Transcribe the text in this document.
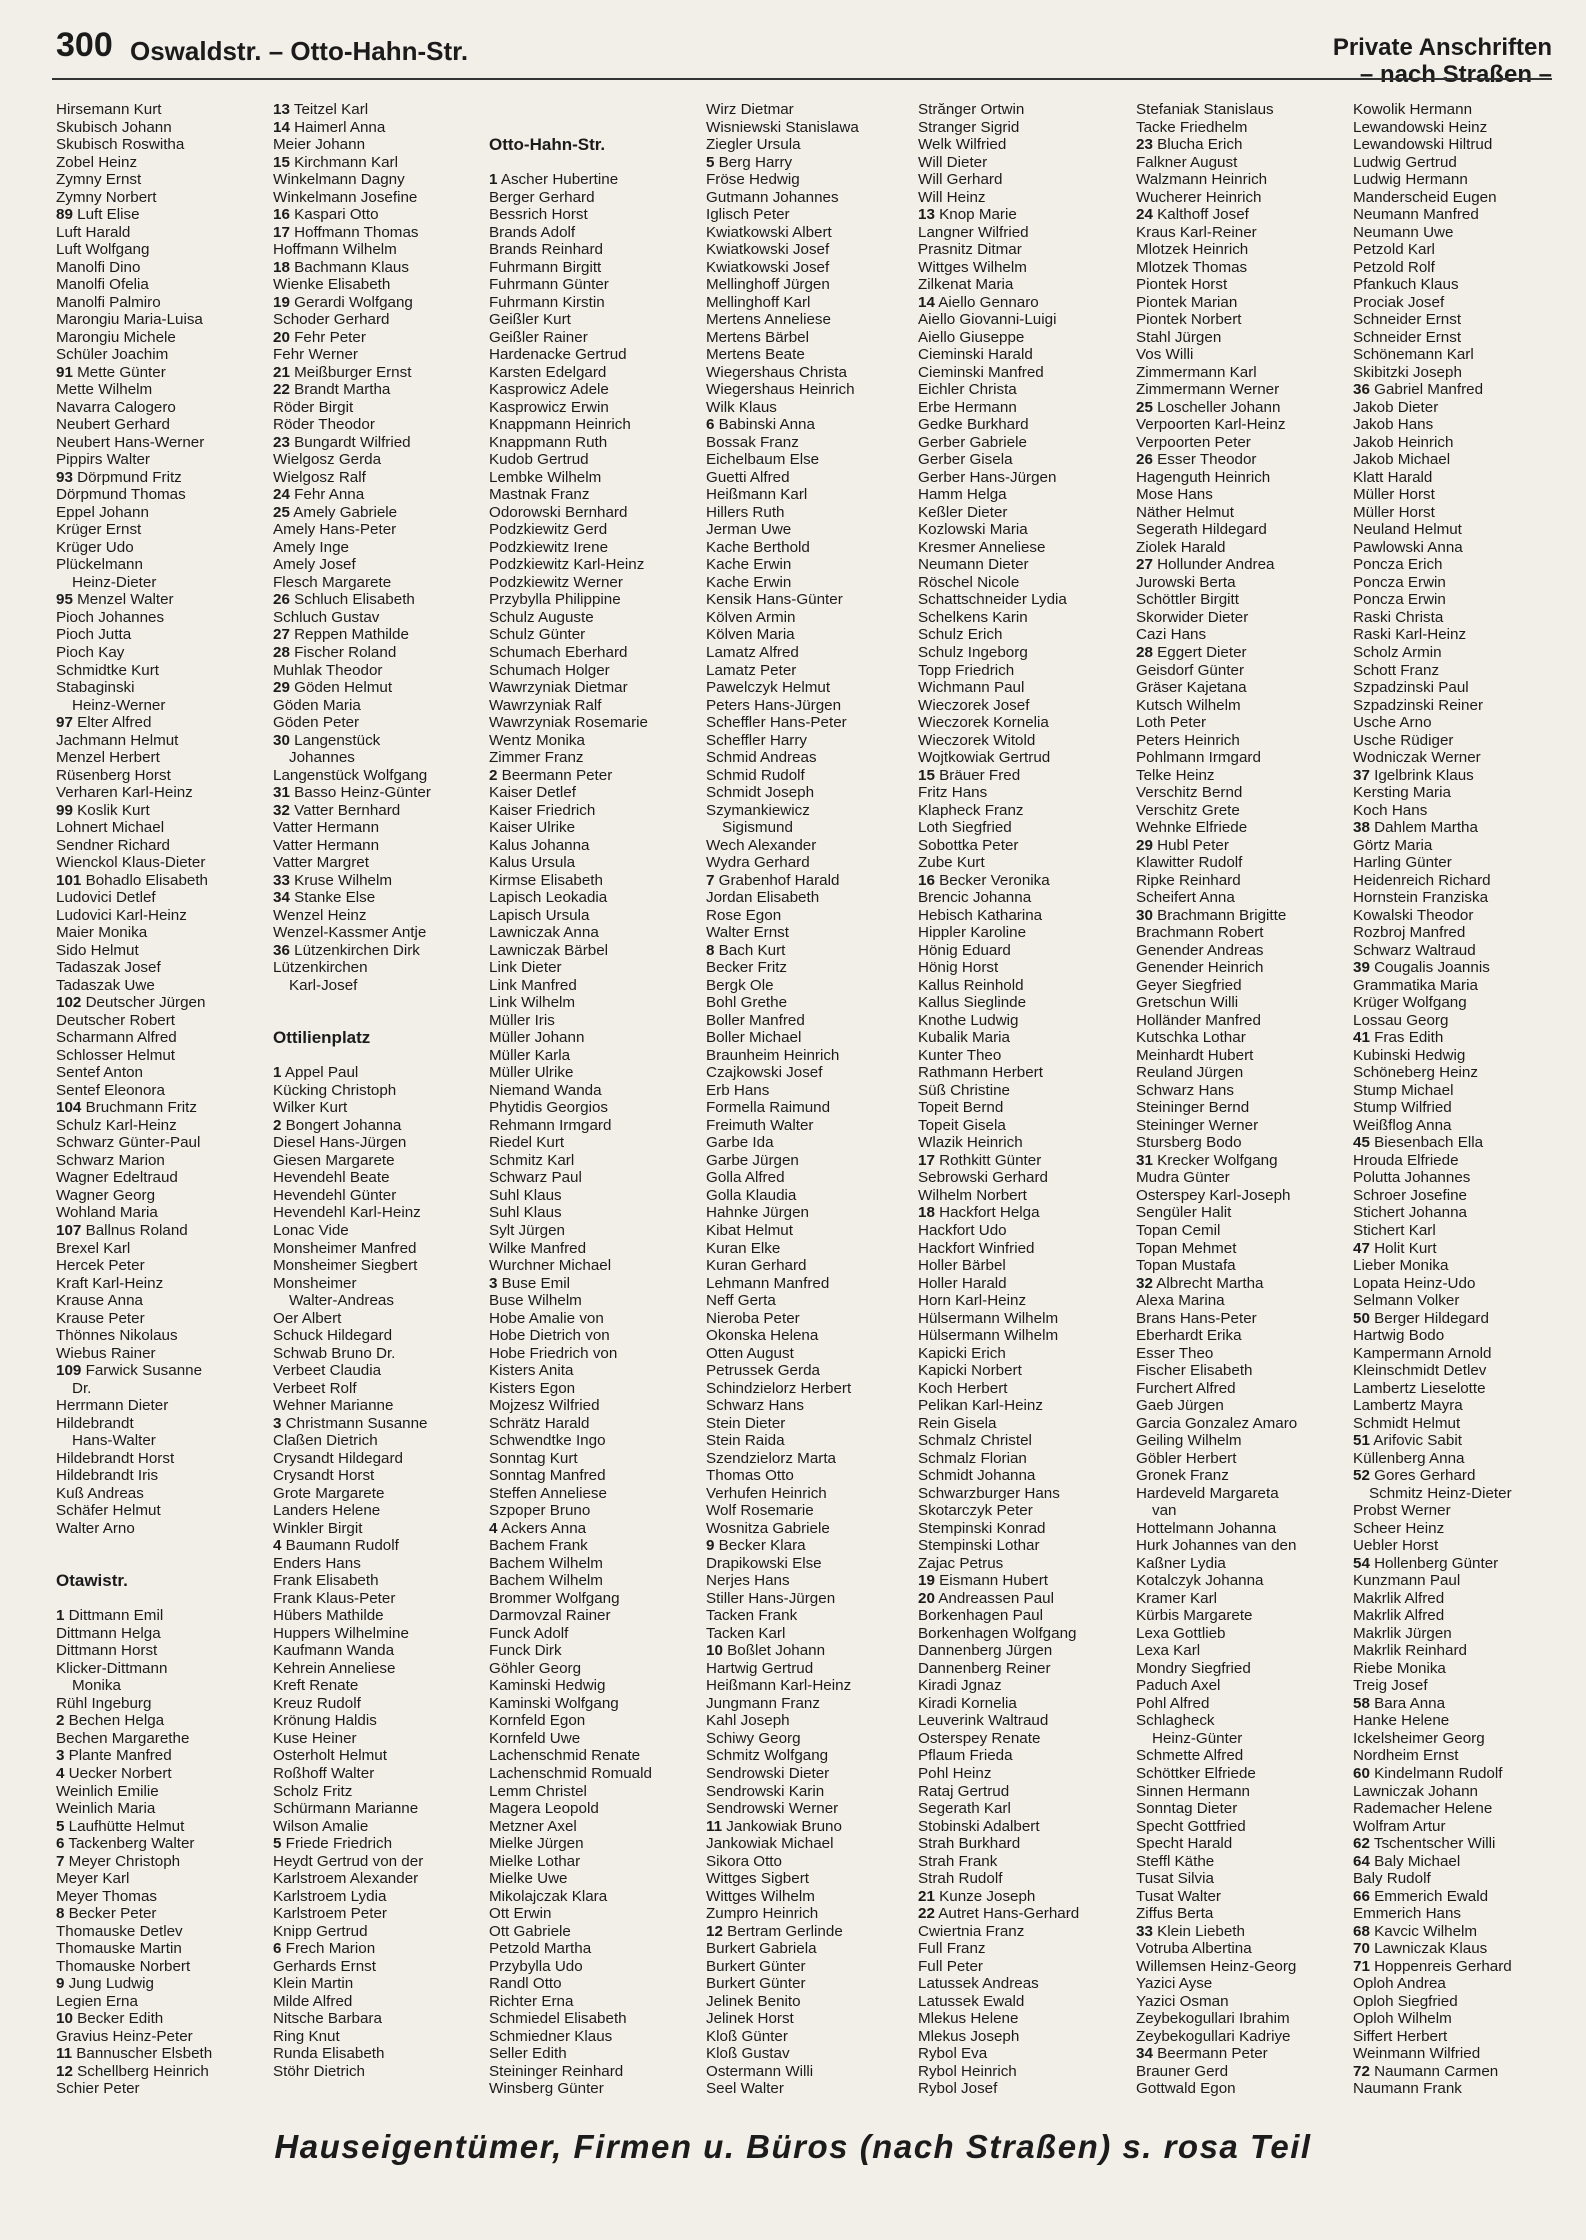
300 Oswaldstr. – Otto-Hahn-Str.	Private Anschriften
– nach Straßen –
Hirsemann Kurt
Skubisch Johann
Skubisch Roswitha
Zobel Heinz
Zymny Ernst
Zymny Norbert
89 Luft Elise
Luft Harald
Luft Wolfgang
Manolfi Dino
Manolfi Ofelia
Manolfi Palmiro
Marongiu Maria-Luisa
Marongiu Michele
Schüler Joachim
91 Mette Günter
Mette Wilhelm
Navarra Calogero
Neubert Gerhard
Neubert Hans-Werner
Pippirs Walter
93 Dörpmund Fritz
Dörpmund Thomas
Eppel Johann
Krüger Ernst
Krüger Udo
Plückelmann
Heinz-Dieter
95 Menzel Walter
Pioch Johannes
Pioch Jutta
Pioch Kay
Schmidtke Kurt
Stabaginski
Heinz-Werner
97 Elter Alfred
Jachmann Helmut
Menzel Herbert
Rüsenberg Horst
Verharen Karl-Heinz
99 Koslik Kurt
Lohnert Michael
Sendner Richard
Wienckol Klaus-Dieter
101 Bohadlo Elisabeth
Ludovici Detlef
Ludovici Karl-Heinz
Maier Monika
Sido Helmut
Tadaszak Josef
Tadaszak Uwe
102 Deutscher Jürgen
Deutscher Robert
Scharmann Alfred
Schlosser Helmut
Sentef Anton
Sentef Eleonora
104 Bruchmann Fritz
Schulz Karl-Heinz
Schwarz Günter-Paul
Schwarz Marion
Wagner Edeltraud
Wagner Georg
Wohland Maria
107 Ballnus Roland
Brexel Karl
Hercek Peter
Kraft Karl-Heinz
Krause Anna
Krause Peter
Thönnes Nikolaus
Wiebus Rainer
109 Farwick Susanne
Dr.
Herrmann Dieter
Hildebrandt
Hans-Walter
Hildebrandt Horst
Hildebrandt Iris
Kuß Andreas
Schäfer Helmut
Walter Arno
Otawistr.
1 Dittmann Emil
Dittmann Helga
Dittmann Horst
Klicker-Dittmann
Monika
Rühl Ingeburg
2 Bechen Helga
Bechen Margarethe
3 Plante Manfred
4 Uecker Norbert
Weinlich Emilie
Weinlich Maria
5 Laufhütte Helmut
6 Tackenberg Walter
7 Meyer Christoph
Meyer Karl
Meyer Thomas
8 Becker Peter
Thomauske Detlev
Thomauske Martin
Thomauske Norbert
9 Jung Ludwig
Legien Erna
10 Becker Edith
Gravius Heinz-Peter
11 Bannuscher Elsbeth
12 Schellberg Heinrich
Schier Peter
13 Teitzel Karl
14 Haimerl Anna
Meier Johann
15 Kirchmann Karl
Winkelmann Dagny
Winkelmann Josefine
16 Kaspari Otto
17 Hoffmann Thomas
Hoffmann Wilhelm
18 Bachmann Klaus
Wienke Elisabeth
19 Gerardi Wolfgang
Schoder Gerhard
20 Fehr Peter
Fehr Werner
21 Meißburger Ernst
22 Brandt Martha
Röder Birgit
Röder Theodor
23 Bungardt Wilfried
Wielgosz Gerda
Wielgosz Ralf
24 Fehr Anna
25 Amely Gabriele
Amely Hans-Peter
Amely Inge
Amely Josef
Flesch Margarete
26 Schluch Elisabeth
Schluch Gustav
27 Reppen Mathilde
28 Fischer Roland
Muhlak Theodor
29 Göden Helmut
Göden Maria
Göden Peter
30 Langenstück
Johannes
Langenstück Wolfgang
31 Basso Heinz-Günter
32 Vatter Bernhard
Vatter Hermann
Vatter Hermann
Vatter Margret
33 Kruse Wilhelm
34 Stanke Else
Wenzel Heinz
Wenzel-Kassmer Antje
36 Lützenkirchen Dirk
Lützenkirchen
Karl-Josef
Ottilienplatz
1 Appel Paul
Kücking Christoph
Wilker Kurt
2 Bongert Johanna
Diesel Hans-Jürgen
Giesen Margarete
Hevendehl Beate
Hevendehl Günter
Hevendehl Karl-Heinz
Lonac Vide
Monsheimer Manfred
Monsheimer Siegbert
Monsheimer
Walter-Andreas
Oer Albert
Schuck Hildegard
Schwab Bruno Dr.
Verbeet Claudia
Verbeet Rolf
Wehner Marianne
3 Christmann Susanne
Claßen Dietrich
Crysandt Hildegard
Crysandt Horst
Grote Margarete
Landers Helene
Winkler Birgit
4 Baumann Rudolf
Enders Hans
Frank Elisabeth
Frank Klaus-Peter
Hübers Mathilde
Huppers Wilhelmine
Kaufmann Wanda
Kehrein Anneliese
Kreft Renate
Kreuz Rudolf
Krönung Haldis
Kuse Heiner
Osterholt Helmut
Roßhoff Walter
Scholz Fritz
Schürmann Marianne
Wilson Amalie
5 Friede Friedrich
Heydt Gertrud von der
Karlstroem Alexander
Karlstroem Lydia
Karlstroem Peter
Knipp Gertrud
6 Frech Marion
Gerhards Ernst
Klein Martin
Milde Alfred
Nitsche Barbara
Ring Knut
Runda Elisabeth
Stöhr Dietrich
Otto-Hahn-Str.
1 Ascher Hubertine
Berger Gerhard
Bessrich Horst
Brands Adolf
Brands Reinhard
Fuhrmann Birgitt
Fuhrmann Günter
Fuhrmann Kirstin
Geißler Kurt
Geißler Rainer
Hardenacke Gertrud
Karsten Edelgard
Kasprowicz Adele
Kasprowicz Erwin
Knappmann Heinrich
Knappmann Ruth
Kudob Gertrud
Lembke Wilhelm
Mastnak Franz
Odorowski Bernhard
Podzkiewitz Gerd
Podzkiewitz Irene
Podzkiewitz Karl-Heinz
Podzkiewitz Werner
Przybylla Philippine
Schulz Auguste
Schulz Günter
Schumach Eberhard
Schumach Holger
Wawrzyniak Dietmar
Wawrzyniak Ralf
Wawrzyniak Rosemarie
Wentz Monika
Zimmer Franz
2 Beermann Peter
Kaiser Detlef
Kaiser Friedrich
Kaiser Ulrike
Kalus Johanna
Kalus Ursula
Kirmse Elisabeth
Lapisch Leokadia
Lapisch Ursula
Lawniczak Anna
Lawniczak Bärbel
Link Dieter
Link Manfred
Link Wilhelm
Müller Iris
Müller Johann
Müller Karla
Müller Ulrike
Niemand Wanda
Phytidis Georgios
Rehmann Irmgard
Riedel Kurt
Schmitz Karl
Schwarz Paul
Suhl Klaus
Suhl Klaus
Sylt Jürgen
Wilke Manfred
Wurchner Michael
3 Buse Emil
Buse Wilhelm
Hobe Amalie von
Hobe Dietrich von
Hobe Friedrich von
Kisters Anita
Kisters Egon
Mojzesz Wilfried
Schrätz Harald
Schwendtke Ingo
Sonntag Kurt
Sonntag Manfred
Steffen Anneliese
Szpoper Bruno
4 Ackers Anna
Bachem Frank
Bachem Wilhelm
Bachem Wilhelm
Brommer Wolfgang
Darmovzal Rainer
Funck Adolf
Funck Dirk
Göhler Georg
Kaminski Hedwig
Kaminski Wolfgang
Kornfeld Egon
Kornfeld Uwe
Lachenschmid Renate
Lachenschmid Romuald
Lemm Christel
Magera Leopold
Metzner Axel
Mielke Jürgen
Mielke Lothar
Mielke Uwe
Mikolajczak Klara
Ott Erwin
Ott Gabriele
Petzold Martha
Przybylla Udo
Randl Otto
Richter Erna
Schmiedel Elisabeth
Schmiedner Klaus
Seller Edith
Steininger Reinhard
Winsberg Günter
Wirz Dietmar
Wisniewski Stanislawa
Ziegler Ursula
5 Berg Harry
Fröse Hedwig
Gutmann Johannes
Iglisch Peter
Kwiatkowski Albert
Kwiatkowski Josef
Kwiatkowski Josef
Mellinghoff Jürgen
Mellinghoff Karl
Mertens Anneliese
Mertens Bärbel
Mertens Beate
Wiegershaus Christa
Wiegershaus Heinrich
Wilk Klaus
6 Babinski Anna
Bossak Franz
Eichelbaum Else
Guetti Alfred
Heißmann Karl
Hillers Ruth
Jerman Uwe
Kache Berthold
Kache Erwin
Kache Erwin
Kensik Hans-Günter
Kölven Armin
Kölven Maria
Lamatz Alfred
Lamatz Peter
Pawelczyk Helmut
Peters Hans-Jürgen
Scheffler Hans-Peter
Scheffler Harry
Schmid Andreas
Schmid Rudolf
Schmidt Joseph
Szymankiewicz
Sigismund
Wech Alexander
Wydra Gerhard
7 Grabenhof Harald
Jordan Elisabeth
Rose Egon
Walter Ernst
8 Bach Kurt
Becker Fritz
Bergk Ole
Bohl Grethe
Boller Manfred
Boller Michael
Braunheim Heinrich
Czajkowski Josef
Erb Hans
Formella Raimund
Freimuth Walter
Garbe Ida
Garbe Jürgen
Golla Alfred
Golla Klaudia
Hahnke Jürgen
Kibat Helmut
Kuran Elke
Kuran Gerhard
Lehmann Manfred
Neff Gerta
Nieroba Peter
Okonska Helena
Otten August
Petrussek Gerda
Schindzielorz Herbert
Schwarz Hans
Stein Dieter
Stein Raida
Szendzielorz Marta
Thomas Otto
Verhufen Heinrich
Wolf Rosemarie
Wosnitza Gabriele
9 Becker Klara
Drapikowski Else
Nerjes Hans
Stiller Hans-Jürgen
Tacken Frank
Tacken Karl
10 Boßlet Johann
Hartwig Gertrud
Heißmann Karl-Heinz
Jungmann Franz
Kahl Joseph
Schiwy Georg
Schmitz Wolfgang
Sendrowski Dieter
Sendrowski Karin
Sendrowski Werner
11 Jankowiak Bruno
Jankowiak Michael
Sikora Otto
Wittges Sigbert
Wittges Wilhelm
Zumpro Heinrich
12 Bertram Gerlinde
Burkert Gabriela
Burkert Günter
Burkert Günter
Jelinek Benito
Jelinek Horst
Kloß Günter
Kloß Gustav
Ostermann Willi
Seel Walter
Strănger Ortwin
Stranger Sigrid
Welk Wilfried
Will Dieter
Will Gerhard
Will Heinz
13 Knop Marie
Langner Wilfried
Prasnitz Ditmar
Wittges Wilhelm
Zilkenat Maria
14 Aiello Gennaro
Aiello Giovanni-Luigi
Aiello Giuseppe
Cieminski Harald
Cieminski Manfred
Eichler Christa
Erbe Hermann
Gedke Burkhard
Gerber Gabriele
Gerber Gisela
Gerber Hans-Jürgen
Hamm Helga
Keßler Dieter
Kozlowski Maria
Kresmer Anneliese
Neumann Dieter
Röschel Nicole
Schattschneider Lydia
Schelkens Karin
Schulz Erich
Schulz Ingeborg
Topp Friedrich
Wichmann Paul
Wieczorek Josef
Wieczorek Kornelia
Wieczorek Witold
Wojtkowiak Gertrud
15 Bräuer Fred
Fritz Hans
Klapheck Franz
Loth Siegfried
Sobottka Peter
Zube Kurt
16 Becker Veronika
Brencic Johanna
Hebisch Katharina
Hippler Karoline
Hönig Eduard
Hönig Horst
Kallus Reinhold
Kallus Sieglinde
Knothe Ludwig
Kubalik Maria
Kunter Theo
Rathmann Herbert
Süß Christine
Topeit Bernd
Topeit Gisela
Wlazik Heinrich
17 Rothkitt Günter
Sebrowski Gerhard
Wilhelm Norbert
18 Hackfort Helga
Hackfort Udo
Hackfort Winfried
Holler Bärbel
Holler Harald
Horn Karl-Heinz
Hülsermann Wilhelm
Hülsermann Wilhelm
Kapicki Erich
Kapicki Norbert
Koch Herbert
Pelikan Karl-Heinz
Rein Gisela
Schmalz Christel
Schmalz Florian
Schmidt Johanna
Schwarzburger Hans
Skotarczyk Peter
Stempinski Konrad
Stempinski Lothar
Zajac Petrus
19 Eismann Hubert
20 Andreassen Paul
Borkenhagen Paul
Borkenhagen Wolfgang
Dannenberg Jürgen
Dannenberg Reiner
Kiradi Jgnaz
Kiradi Kornelia
Leuverink Waltraud
Osterspey Renate
Pflaum Frieda
Pohl Heinz
Rataj Gertrud
Segerath Karl
Stobinski Adalbert
Strah Burkhard
Strah Frank
Strah Rudolf
21 Kunze Joseph
22 Autret Hans-Gerhard
Cwiertnia Franz
Full Franz
Full Peter
Latussek Andreas
Latussek Ewald
Mlekus Helene
Mlekus Joseph
Rybol Eva
Rybol Heinrich
Rybol Josef
Stefaniak Stanislaus
Tacke Friedhelm
23 Blucha Erich
Falkner August
Walzmann Heinrich
Wucherer Heinrich
24 Kalthoff Josef
Kraus Karl-Reiner
Mlotzek Heinrich
Mlotzek Thomas
Piontek Horst
Piontek Marian
Piontek Norbert
Stahl Jürgen
Vos Willi
Zimmermann Karl
Zimmermann Werner
25 Loscheller Johann
Verpoorten Karl-Heinz
Verpoorten Peter
26 Esser Theodor
Hagenguth Heinrich
Mose Hans
Näther Helmut
Segerath Hildegard
Ziolek Harald
27 Hollunder Andrea
Jurowski Berta
Schöttler Birgitt
Skorwider Dieter
Cazi Hans
28 Eggert Dieter
Geisdorf Günter
Gräser Kajetana
Kutsch Wilhelm
Loth Peter
Peters Heinrich
Pohlmann Irmgard
Telke Heinz
Verschitz Bernd
Verschitz Grete
Wehnke Elfriede
29 Hubl Peter
Klawitter Rudolf
Ripke Reinhard
Scheifert Anna
30 Brachmann Brigitte
Brachmann Robert
Genender Andreas
Genender Heinrich
Geyer Siegfried
Gretschun Willi
Holländer Manfred
Kutschka Lothar
Meinhardt Hubert
Reuland Jürgen
Schwarz Hans
Steininger Bernd
Steininger Werner
Stursberg Bodo
31 Krecker Wolfgang
Mudra Günter
Osterspey Karl-Joseph
Sengüler Halit
Topan Cemil
Topan Mehmet
Topan Mustafa
32 Albrecht Martha
Alexa Marina
Brans Hans-Peter
Eberhardt Erika
Esser Theo
Fischer Elisabeth
Furchert Alfred
Gaeb Jürgen
Garcia Gonzalez Amaro
Geiling Wilhelm
Göbler Herbert
Gronek Franz
Hardeveld Margareta
van
Hottelmann Johanna
Hurk Johannes van den
Kaßner Lydia
Kotalczyk Johanna
Kramer Karl
Kürbis Margarete
Lexa Gottlieb
Lexa Karl
Mondry Siegfried
Paduch Axel
Pohl Alfred
Schlagheck
Heinz-Günter
Schmette Alfred
Schöttker Elfriede
Sinnen Hermann
Sonntag Dieter
Specht Gottfried
Specht Harald
Steffl Käthe
Tusat Silvia
Tusat Walter
Ziffus Berta
33 Klein Liebeth
Votruba Albertina
Willemsen Heinz-Georg
Yazici Ayse
Yazici Osman
Zeybekogullari Ibrahim
Zeybekogullari Kadriye
34 Beermann Peter
Brauner Gerd
Gottwald Egon
Kowolik Hermann
Lewandowski Heinz
Lewandowski Hiltrud
Ludwig Gertrud
Ludwig Hermann
Manderscheid Eugen
Neumann Manfred
Neumann Uwe
Petzold Karl
Petzold Rolf
Pfankuch Klaus
Prociak Josef
Schneider Ernst
Schneider Ernst
Schönemann Karl
Skibitzki Joseph
36 Gabriel Manfred
Jakob Dieter
Jakob Hans
Jakob Heinrich
Jakob Michael
Klatt Harald
Müller Horst
Müller Horst
Neuland Helmut
Pawlowski Anna
Poncza Erich
Poncza Erwin
Poncza Erwin
Raski Christa
Raski Karl-Heinz
Scholz Armin
Schott Franz
Szpadzinski Paul
Szpadzinski Reiner
Usche Arno
Usche Rüdiger
Wodniczak Werner
37 Igelbrink Klaus
Kersting Maria
Koch Hans
38 Dahlem Martha
Görtz Maria
Harling Günter
Heidenreich Richard
Hornstein Franziska
Kowalski Theodor
Rozbroj Manfred
Schwarz Waltraud
39 Cougalis Joannis
Grammatika Maria
Krüger Wolfgang
Lossau Georg
41 Fras Edith
Kubinski Hedwig
Schöneberg Heinz
Stump Michael
Stump Wilfried
Weißflog Anna
45 Biesenbach Ella
Hrouda Elfriede
Polutta Johannes
Schroer Josefine
Stichert Johanna
Stichert Karl
47 Holit Kurt
Lieber Monika
Lopata Heinz-Udo
Selmann Volker
50 Berger Hildegard
Hartwig Bodo
Kampermann Arnold
Kleinschmidt Detlev
Lambertz Lieselotte
Lambertz Mayra
Schmidt Helmut
51 Arifovic Sabit
Küllenberg Anna
52 Gores Gerhard
Schmitz Heinz-Dieter
Probst Werner
Scheer Heinz
Uebler Horst
54 Hollenberg Günter
Kunzmann Paul
Makrlik Alfred
Makrlik Alfred
Makrlik Jürgen
Makrlik Reinhard
Riebe Monika
Treig Josef
58 Bara Anna
Hanke Helene
Ickelsheimer Georg
Nordheim Ernst
60 Kindelmann Rudolf
Lawniczak Johann
Rademacher Helene
Wolfram Artur
62 Tschentscher Willi
64 Baly Michael
Baly Rudolf
66 Emmerich Ewald
Emmerich Hans
68 Kavcic Wilhelm
70 Lawniczak Klaus
71 Hoppenreis Gerhard
Oploh Andrea
Oploh Siegfried
Oploh Wilhelm
Siffert Herbert
Weinmann Wilfried
72 Naumann Carmen
Naumann Frank
Hauseigentümer, Firmen u. Büros (nach Straßen) s. rosa Teil
